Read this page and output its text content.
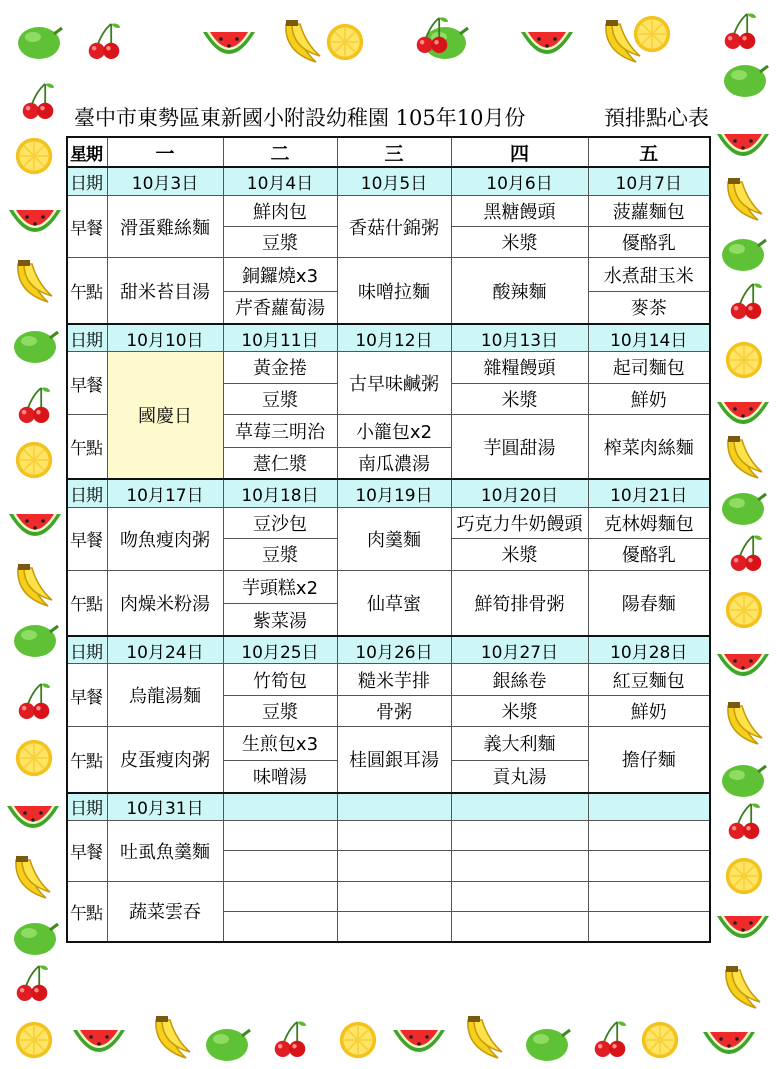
臺中市東勢區東新國小附設幼稚園 105年10月份	預排點心表
星期	一	二	三	四	五
日期	10月3日	10月4日	10月5日	10月6日	10月7日
早餐	滑蛋雞絲麵	鮮肉包	香菇什錦粥	黑糖饅頭	菠蘿麵包
		豆漿		米漿	優酪乳
午點	甜米苔目湯	銅鑼燒x3	味噌拉麵	酸辣麵	水煮甜玉米
		芹香蘿蔔湯			麥茶
日期	10月10日	10月11日	10月12日	10月13日	10月14日
早餐	國慶日	黃金捲	古早味鹹粥	雜糧饅頭	起司麵包
		豆漿		米漿	鮮奶
午點		草莓三明治	小籠包x2	芋圓甜湯	榨菜肉絲麵
		薏仁漿	南瓜濃湯		
日期	10月17日	10月18日	10月19日	10月20日	10月21日
早餐	吻魚瘦肉粥	豆沙包	肉羹麵	巧克力牛奶饅頭	克林姆麵包
		豆漿		米漿	優酪乳
午點	肉燥米粉湯	芋頭糕x2	仙草蜜	鮮筍排骨粥	陽春麵
		紫菜湯			
日期	10月24日	10月25日	10月26日	10月27日	10月28日
早餐	烏龍湯麵	竹筍包	糙米芋排	銀絲卷	紅豆麵包
		豆漿	骨粥	米漿	鮮奶
午點	皮蛋瘦肉粥	生煎包x3	桂圓銀耳湯	義大利麵	擔仔麵
		味噌湯		貢丸湯	
日期	10月31日				
早餐	吐虱魚羹麵				

午點	蔬菜雲吞				
